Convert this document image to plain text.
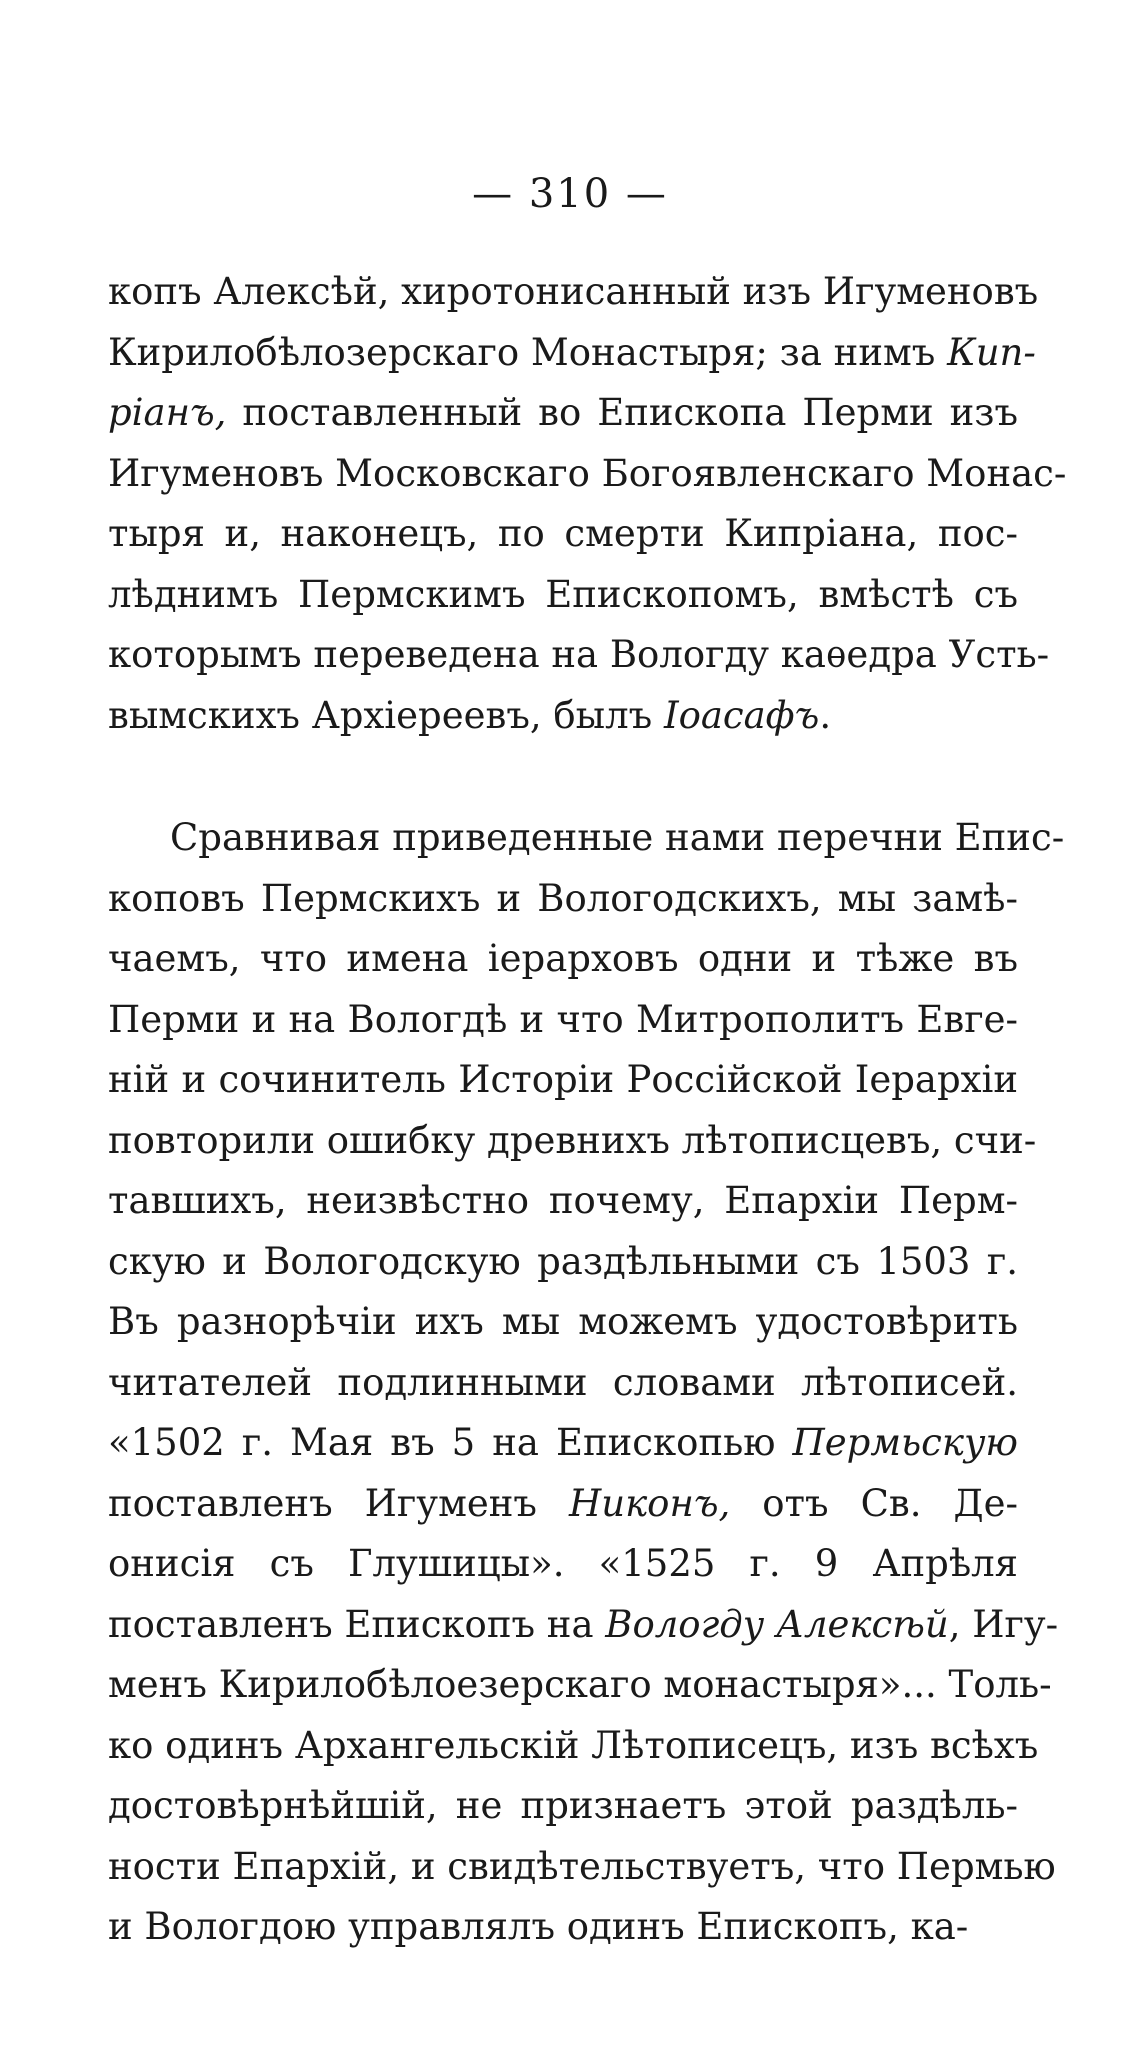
— 310 —
копъ Алексѣй, хиротонисанный изъ Игуменовъ
Кирилобѣлозерскаго Монастыря; за нимъ Кип-
ріанъ, поставленный во Епископа Перми изъ
Игуменовъ Московскаго Богоявленскаго Монас-
тыря и, наконецъ, по смерти Кипріана, пос-
лѣднимъ Пермскимъ Епископомъ, вмѣстѣ съ
которымъ переведена на Вологду каѳедра Усть-
вымскихъ Архіереевъ, былъ Іоасафъ.
Сравнивая приведенные нами перечни Епис-
коповъ Пермскихъ и Вологодскихъ, мы замѣ-
чаемъ, что имена іерарховъ одни и тѣже въ
Перми и на Вологдѣ и что Митрополитъ Евге-
ній и сочинитель Исторіи Россійской Іерархіи
повторили ошибку древнихъ лѣтописцевъ, счи-
тавшихъ, неизвѣстно почему, Епархіи Перм-
скую и Вологодскую раздѣльными съ 1503 г.
Въ разнорѣчіи ихъ мы можемъ удостовѣрить
читателей подлинными словами лѣтописей.
«1502 г. Мая въ 5 на Епископью Пермьскую
поставленъ Игуменъ Никонъ, отъ Св. Де-
онисія съ Глушицы». «1525 г. 9 Апрѣля
поставленъ Епископъ на Вологду Алексѣй, Игу-
менъ Кирилобѣлоезерскаго монастыря»... Толь-
ко одинъ Архангельскій Лѣтописецъ, изъ всѣхъ
достовѣрнѣйшій, не признаетъ этой раздѣль-
ности Епархій, и свидѣтельствуетъ, что Пермью
и Вологдою управлялъ одинъ Епископъ, ка-
